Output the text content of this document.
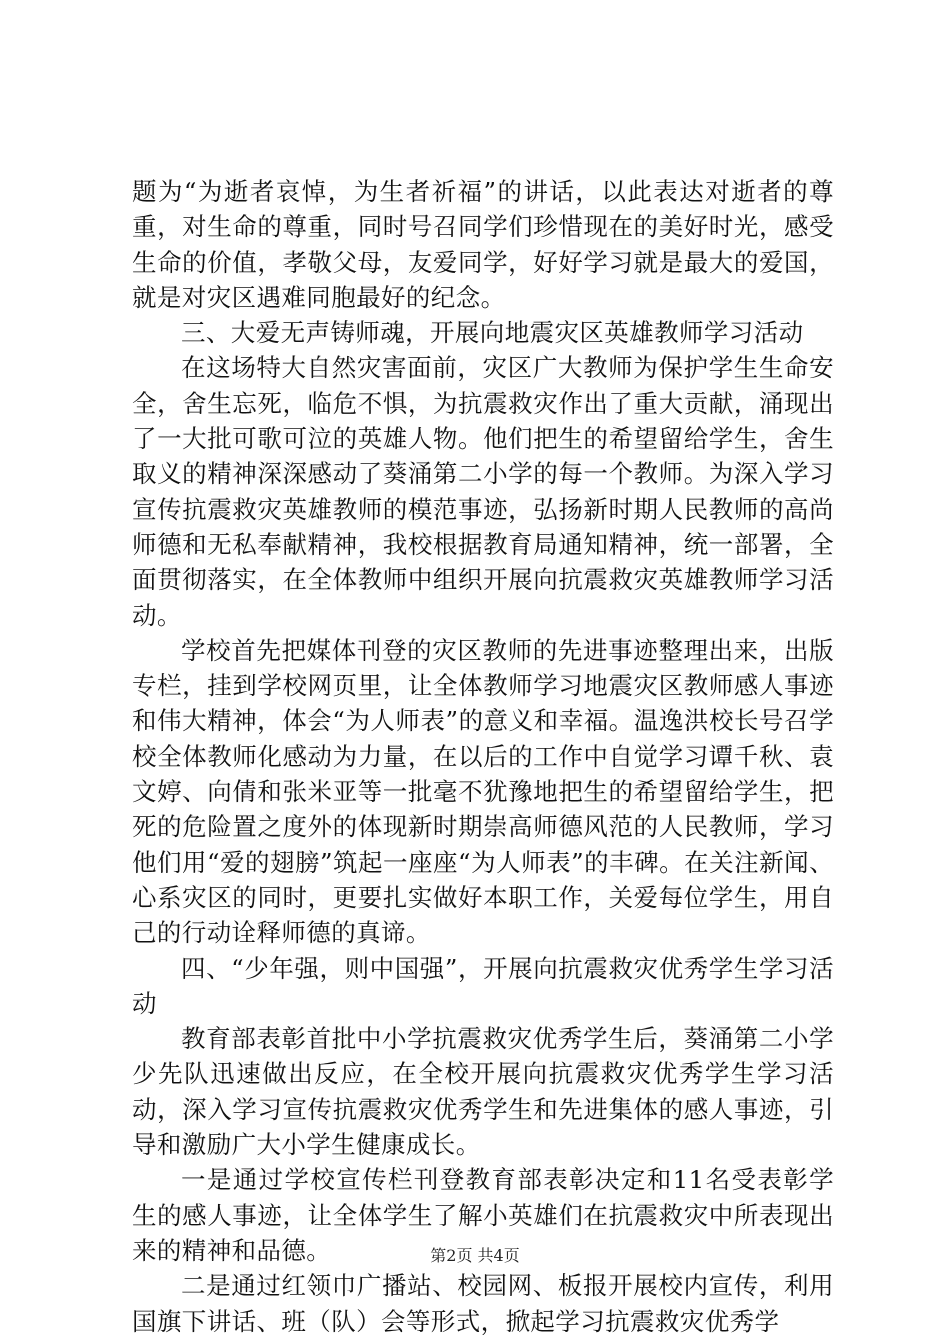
题为“为逝者哀悼，为生者祈福”的讲话，以此表达对逝者的尊重，对生命的尊重，同时号召同学们珍惜现在的美好时光，感受生命的价值，孝敬父母，友爱同学，好好学习就是最大的爱国，就是对灾区遇难同胞最好的纪念。

三、大爱无声铸师魂，开展向地震灾区英雄教师学习活动

在这场特大自然灾害面前，灾区广大教师为保护学生生命安全，舍生忘死，临危不惧，为抗震救灾作出了重大贡献，涌现出了一大批可歌可泣的英雄人物。他们把生的希望留给学生，舍生取义的精神深深感动了葵涌第二小学的每一个教师。为深入学习宣传抗震救灾英雄教师的模范事迹，弘扬新时期人民教师的高尚师德和无私奉献精神，我校根据教育局通知精神，统一部署，全面贯彻落实，在全体教师中组织开展向抗震救灾英雄教师学习活动。

学校首先把媒体刊登的灾区教师的先进事迹整理出来，出版专栏，挂到学校网页里，让全体教师学习地震灾区教师感人事迹和伟大精神，体会“为人师表”的意义和幸福。温逸洪校长号召学校全体教师化感动为力量，在以后的工作中自觉学习谭千秋、袁文婷、向倩和张米亚等一批毫不犹豫地把生的希望留给学生，把死的危险置之度外的体现新时期崇高师德风范的人民教师，学习他们用“爱的翅膀”筑起一座座“为人师表”的丰碑。在关注新闻、心系灾区的同时，更要扎实做好本职工作，关爱每位学生，用自己的行动诠释师德的真谛。

四、“少年强，则中国强”，开展向抗震救灾优秀学生学习活动

教育部表彰首批中小学抗震救灾优秀学生后，葵涌第二小学少先队迅速做出反应，在全校开展向抗震救灾优秀学生学习活动，深入学习宣传抗震救灾优秀学生和先进集体的感人事迹，引导和激励广大小学生健康成长。

一是通过学校宣传栏刊登教育部表彰决定和11名受表彰学生的感人事迹，让全体学生了解小英雄们在抗震救灾中所表现出来的精神和品德。

二是通过红领巾广播站、校园网、板报开展校内宣传，利用国旗下讲话、班（队）会等形式，掀起学习抗震救灾优秀学

第2页 共4页
